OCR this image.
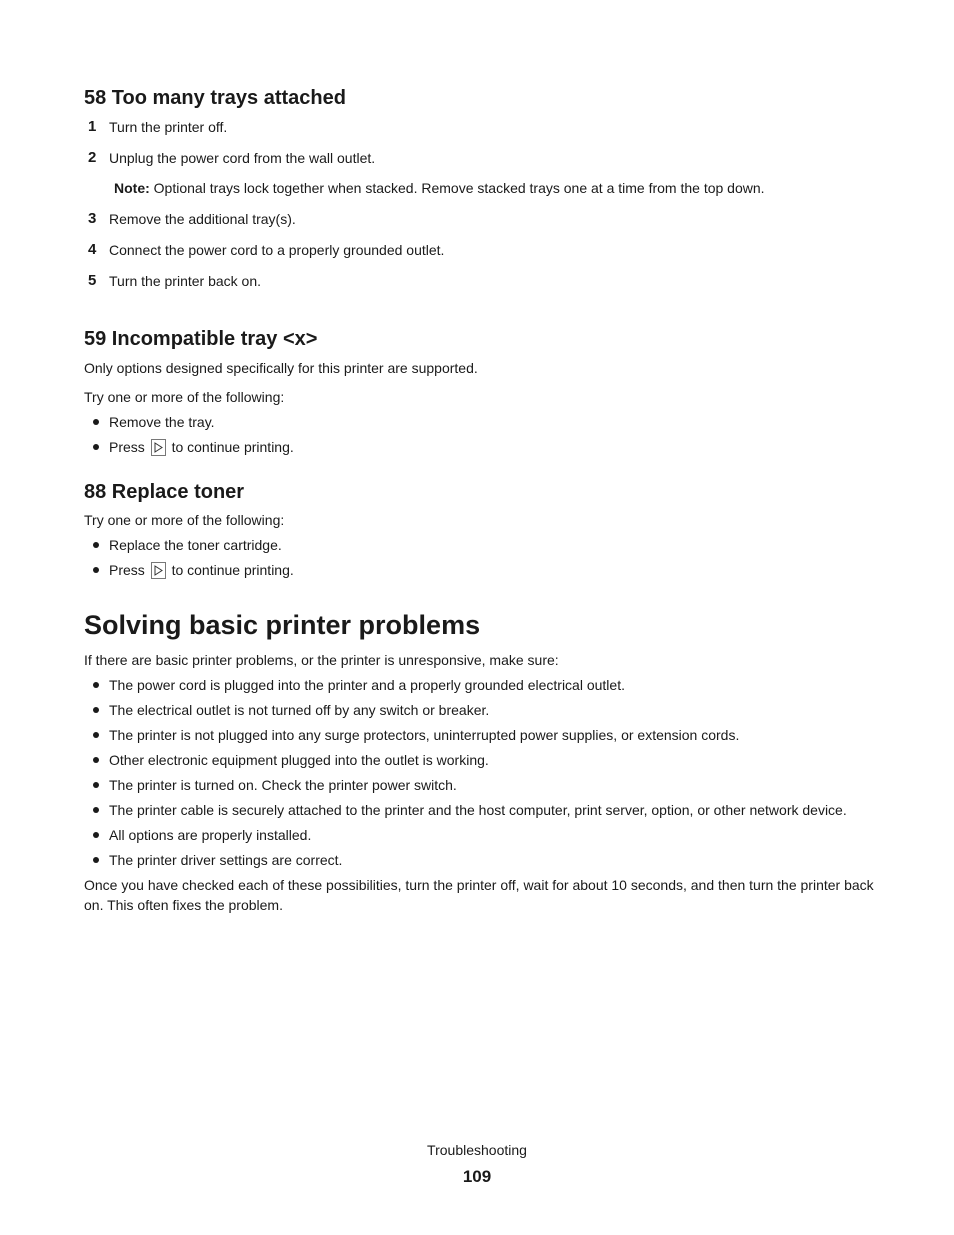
58 Too many trays attached
1 Turn the printer off.
2 Unplug the power cord from the wall outlet.

Note: Optional trays lock together when stacked. Remove stacked trays one at a time from the top down.

3 Remove the additional tray(s).
4 Connect the power cord to a properly grounded outlet.
5 Turn the printer back on.
59 Incompatible tray <x>

Only options designed specifically for this printer are supported.

Try one or more of the following:

Remove the tray.
Press to continue printing.
88 Replace toner

Try one or more of the following:

Replace the toner cartridge.
Press to continue printing.
Solving basic printer problems

If there are basic printer problems, or the printer is unresponsive, make sure:

The power cord is plugged into the printer and a properly grounded electrical outlet.
The electrical outlet is not turned off by any switch or breaker.
The printer is not plugged into any surge protectors, uninterrupted power supplies, or extension cords.
Other electronic equipment plugged into the outlet is working.
The printer is turned on. Check the printer power switch.
The printer cable is securely attached to the printer and the host computer, print server, option, or other network device.
All options are properly installed.
The printer driver settings are correct.

Once you have checked each of these possibilities, turn the printer off, wait for about 10 seconds, and then turn the printer back on. This often fixes the problem.

Troubleshooting
109
